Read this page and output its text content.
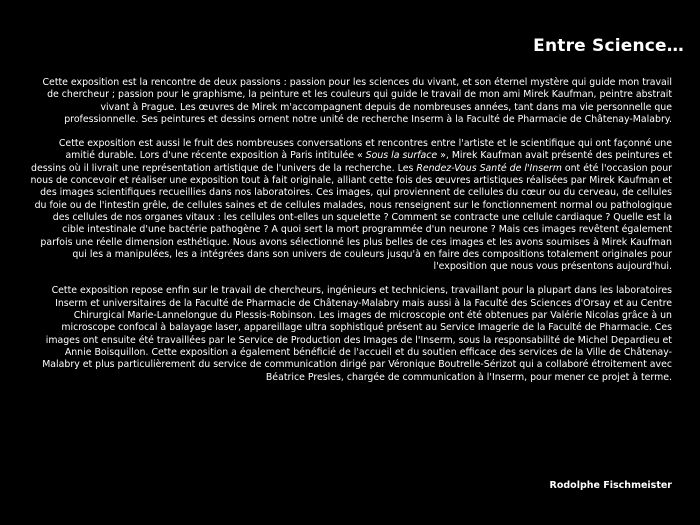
Entre Science…

Cette exposition est la rencontre de deux passions : passion pour les sciences du vivant, et son éternel mystère qui guide mon travail de chercheur ; passion pour le graphisme, la peinture et les couleurs qui guide le travail de mon ami Mirek Kaufman, peintre abstrait vivant à Prague. Les œuvres de Mirek m'accompagnent depuis de nombreuses années, tant dans ma vie personnelle que professionnelle. Ses peintures et dessins ornent notre unité de recherche Inserm à la Faculté de Pharmacie de Châtenay-Malabry.

Cette exposition est aussi le fruit des nombreuses conversations et rencontres entre l'artiste et le scientifique qui ont façonné une amitié durable. Lors d'une récente exposition à Paris intitulée « Sous la surface », Mirek Kaufman avait présenté des peintures et dessins où il livrait une représentation artistique de l'univers de la recherche. Les Rendez-Vous Santé de l'Inserm ont été l'occasion pour nous de concevoir et réaliser une exposition tout à fait originale, alliant cette fois des œuvres artistiques réalisées par Mirek Kaufman et des images scientifiques recueillies dans nos laboratoires. Ces images, qui proviennent de cellules du cœur ou du cerveau, de cellules du foie ou de l'intestin grêle, de cellules saines et de cellules malades, nous renseignent sur le fonctionnement normal ou pathologique des cellules de nos organes vitaux : les cellules ont-elles un squelette ? Comment se contracte une cellule cardiaque ? Quelle est la cible intestinale d'une bactérie pathogène ? A quoi sert la mort programmée d'un neurone ? Mais ces images revêtent également parfois une réelle dimension esthétique. Nous avons sélectionné les plus belles de ces images et les avons soumises à Mirek Kaufman qui les a manipulées, les a intégrées dans son univers de couleurs jusqu'à en faire des compositions totalement originales pour l'exposition que nous vous présentons aujourd'hui.

Cette exposition repose enfin sur le travail de chercheurs, ingénieurs et techniciens, travaillant pour la plupart dans les laboratoires Inserm et universitaires de la Faculté de Pharmacie de Châtenay-Malabry mais aussi à la Faculté des Sciences d'Orsay et au Centre Chirurgical Marie-Lannelongue du Plessis-Robinson. Les images de microscopie ont été obtenues par Valérie Nicolas grâce à un microscope confocal à balayage laser, appareillage ultra sophistiqué présent au Service Imagerie de la Faculté de Pharmacie. Ces images ont ensuite été travaillées par le Service de Production des Images de l'Inserm, sous la responsabilité de Michel Depardieu et Annie Boisquillon. Cette exposition a également bénéficié de l'accueil et du soutien efficace des services de la Ville de Châtenay-Malabry et plus particulièrement du service de communication dirigé par Véronique Boutrelle-Sérizot qui a collaboré étroitement avec Béatrice Presles, chargée de communication à l'Inserm, pour mener ce projet à terme.

Rodolphe Fischmeister
